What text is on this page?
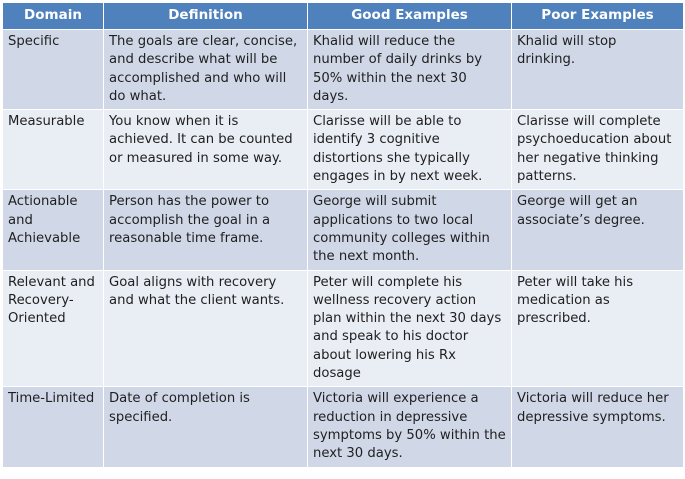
Domain	Definition	Good Examples	Poor Examples
Specific	The goals are clear, concise, and describe what will be accomplished and who will do what.	Khalid will reduce the number of daily drinks by 50% within the next 30 days.	Khalid will stop drinking.
Measurable	You know when it is achieved. It can be counted or measured in some way.	Clarisse will be able to identify 3 cognitive distortions she typically engages in by next week.	Clarisse will complete psychoeducation about her negative thinking patterns.
Actionable and Achievable	Person has the power to accomplish the goal in a reasonable time frame.	George will submit applications to two local community colleges within the next month.	George will get an associate’s degree.
Relevant and Recovery-Oriented	Goal aligns with recovery and what the client wants.	Peter will complete his wellness recovery action plan within the next 30 days and speak to his doctor about lowering his Rx dosage	Peter will take his medication as prescribed.
Time-Limited	Date of completion is specified.	Victoria will experience a reduction in depressive symptoms by 50% within the next 30 days.	Victoria will reduce her depressive symptoms.
